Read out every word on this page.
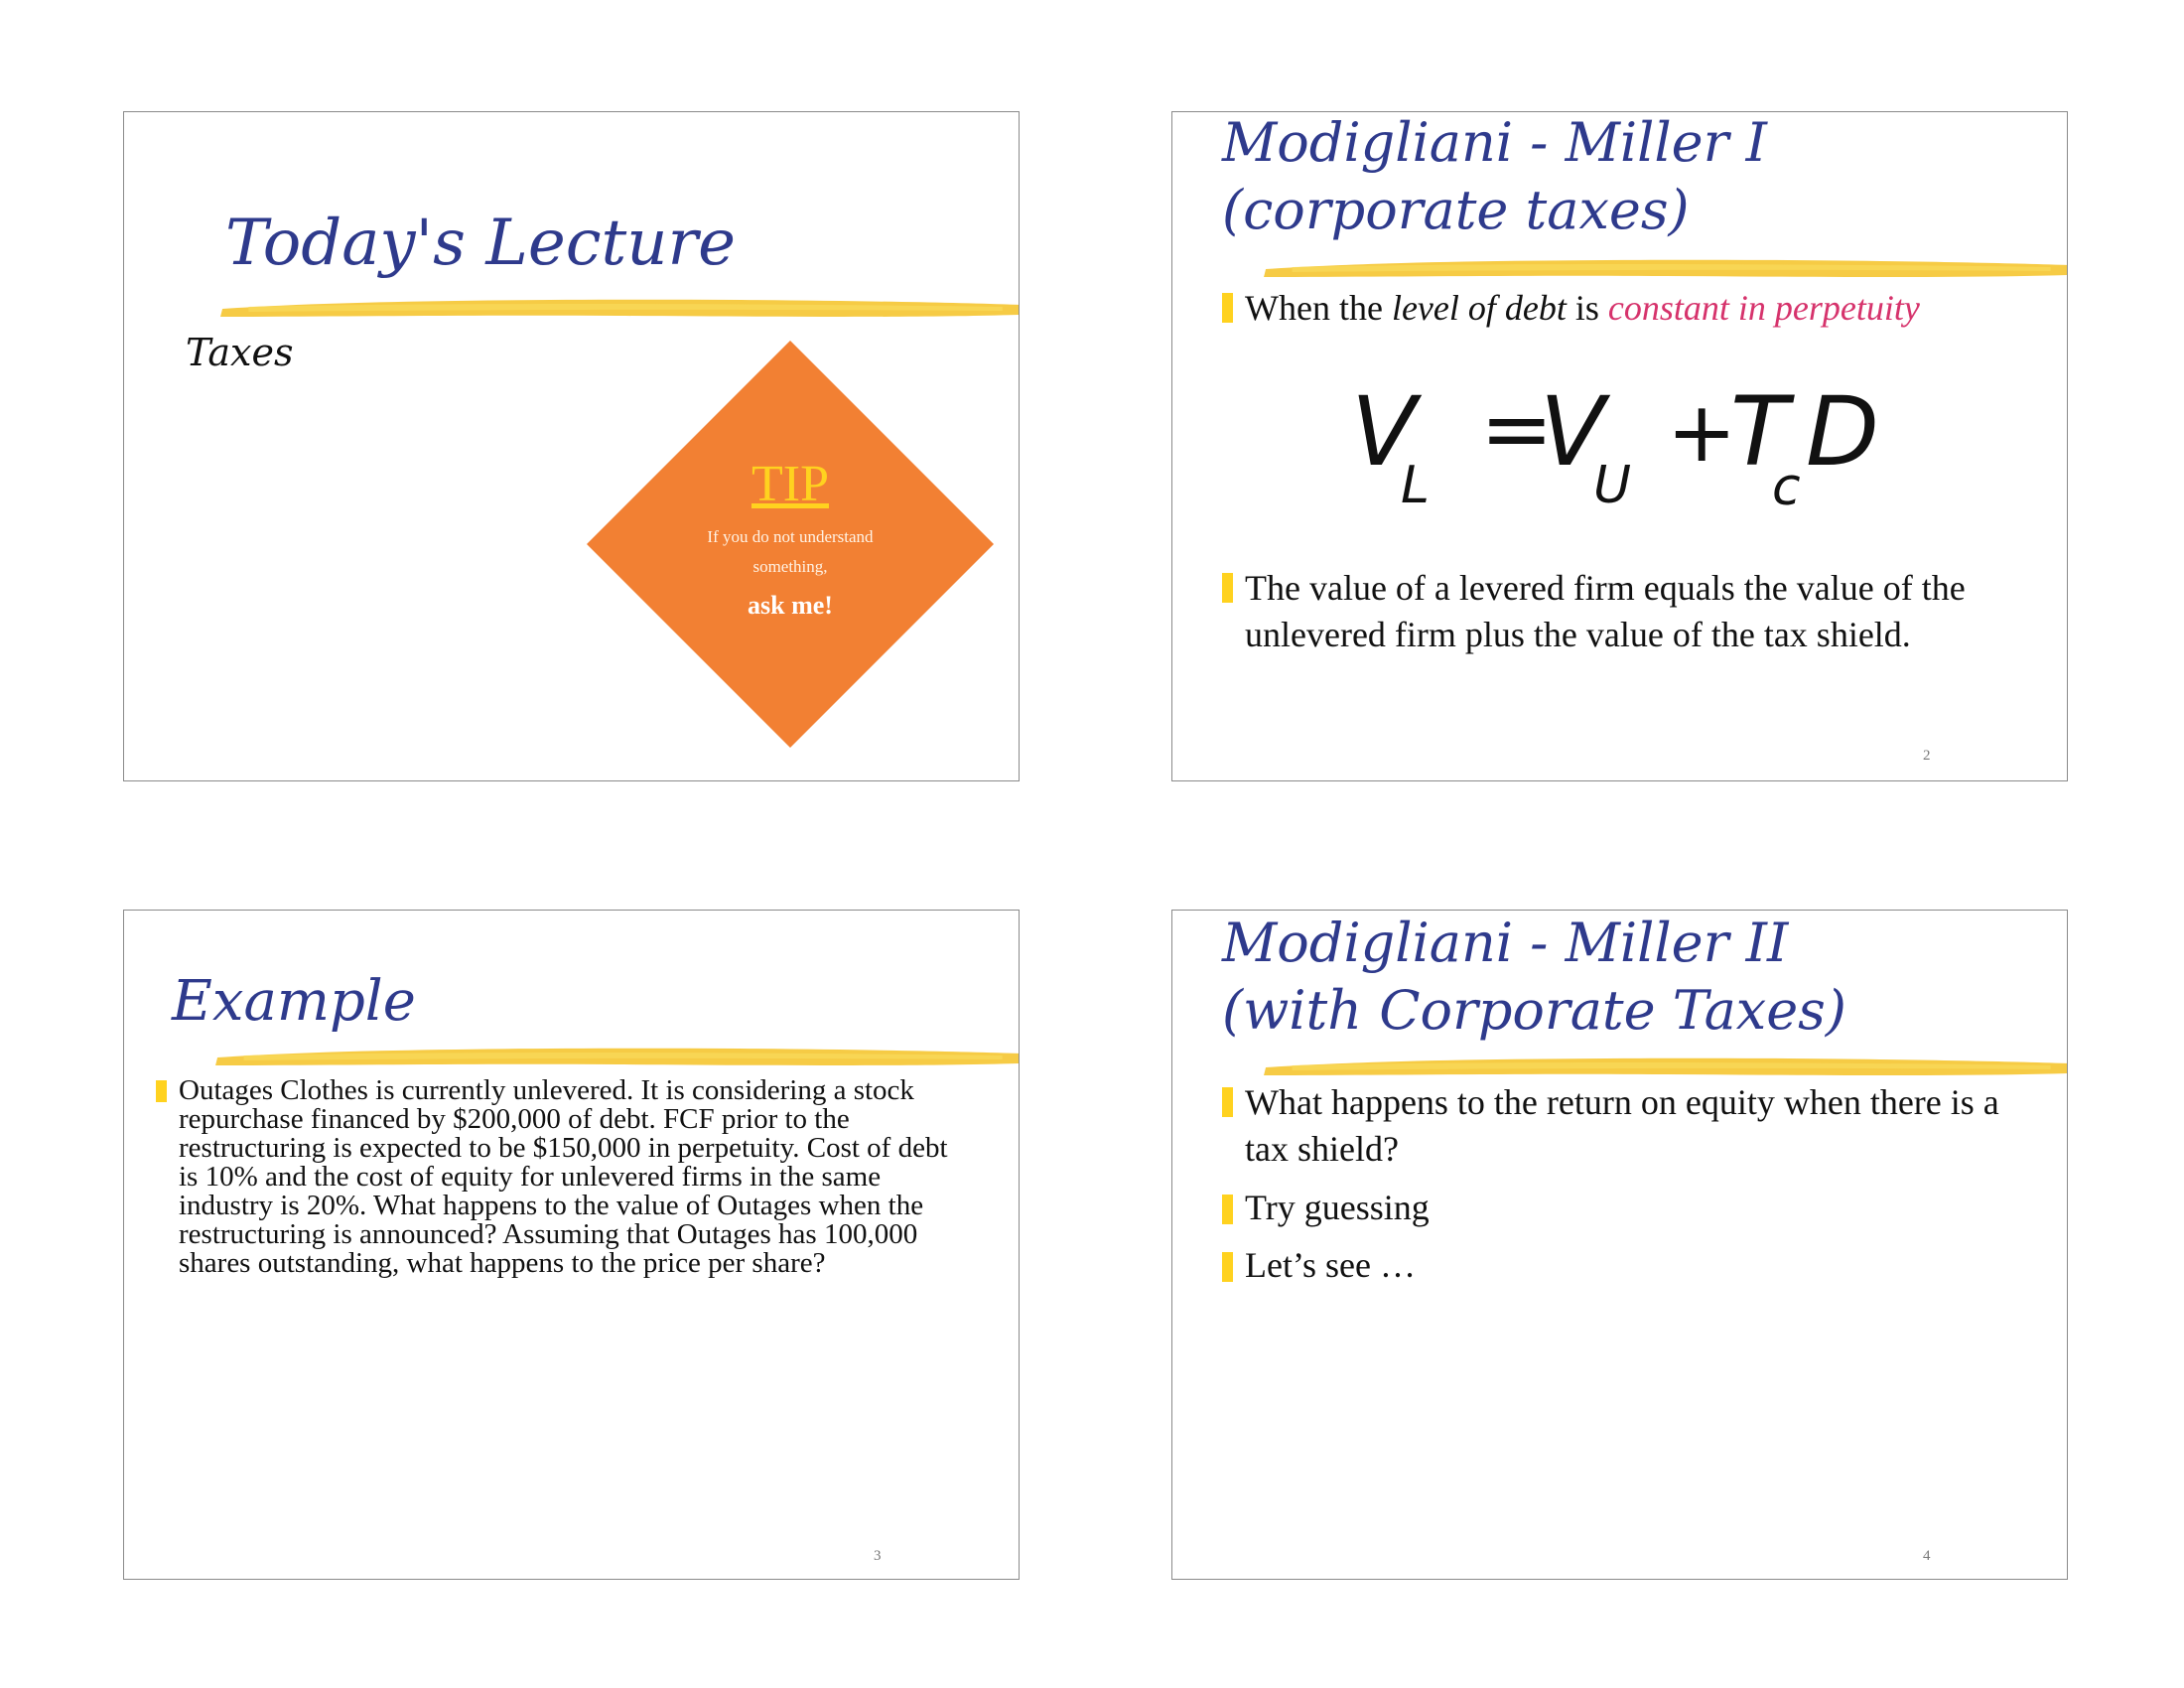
Today's Lecture
Taxes
TIP
If you do not understand
something,
ask me!
Modigliani - Miller I
(corporate taxes)
When the level of debt is constant in perpetuity
V
L
=
V
U
+
T
c D
The value of a levered firm equals the value of the unlevered firm plus the value of the tax shield.
2
Example
Outages Clothes is currently unlevered. It is considering a stock repurchase financed by $200,000 of debt. FCF prior to the restructuring is expected to be $150,000 in perpetuity. Cost of debt is 10% and the cost of equity for unlevered firms in the same industry is 20%. What happens to the value of Outages when the restructuring is announced? Assuming that Outages has 100,000 shares outstanding, what happens to the price per share?
3
Modigliani - Miller II
(with Corporate Taxes)
What happens to the return on equity when there is a tax shield?
Try guessing
Let’s see …
4
